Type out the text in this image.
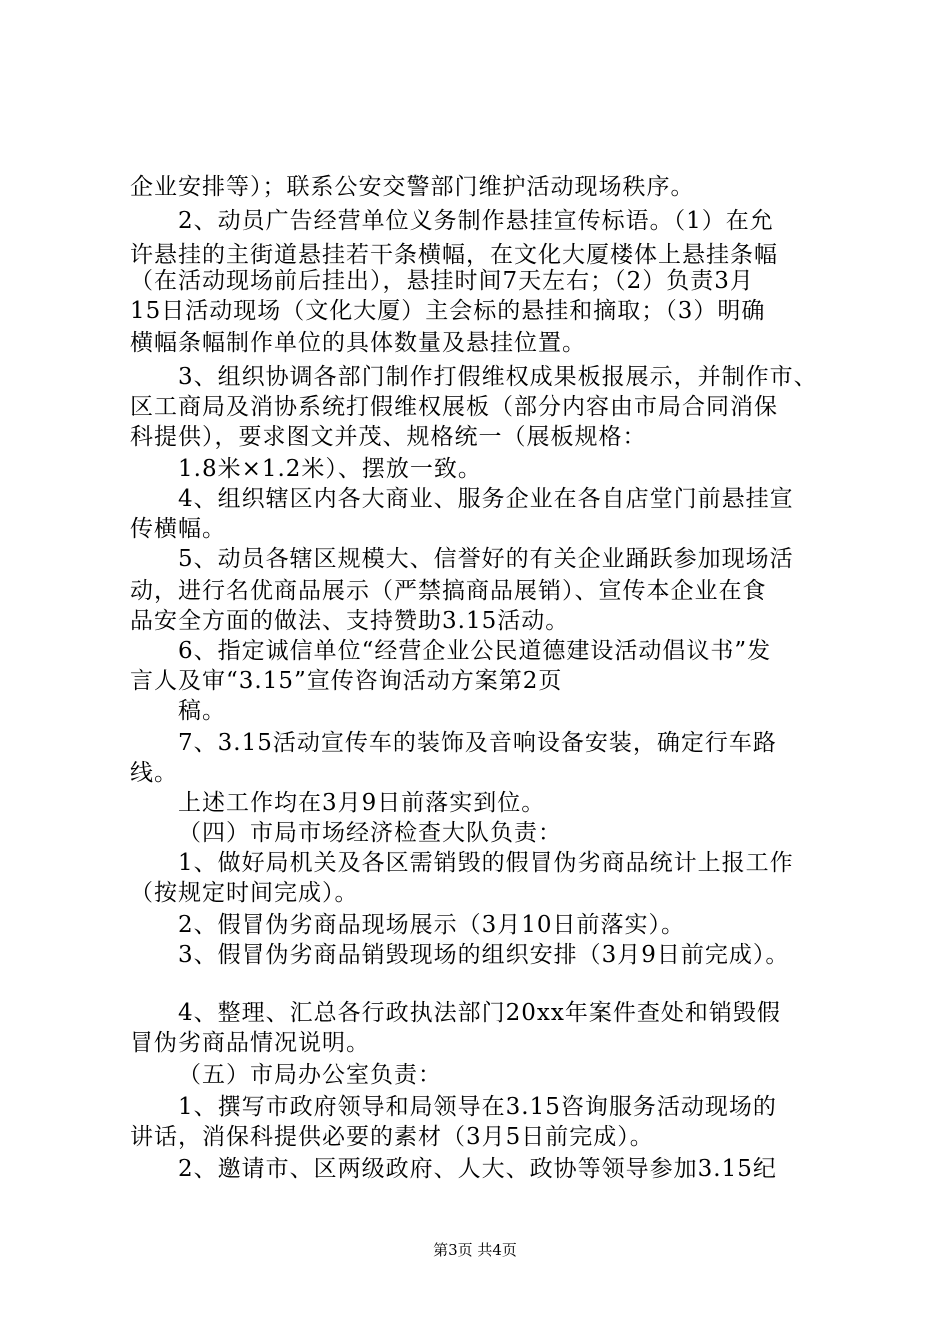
企业安排等）；联系公安交警部门维护活动现场秩序。
2、动员广告经营单位义务制作悬挂宣传标语。（1）在允
许悬挂的主街道悬挂若干条横幅，在文化大厦楼体上悬挂条幅
（在活动现场前后挂出），悬挂时间7天左右；（2）负责3月
15日活动现场（文化大厦）主会标的悬挂和摘取；（3）明确
横幅条幅制作单位的具体数量及悬挂位置。
3、组织协调各部门制作打假维权成果板报展示，并制作市、
区工商局及消协系统打假维权展板（部分内容由市局合同消保
科提供），要求图文并茂、规格统一（展板规格：
1.8米×1.2米）、摆放一致。
4、组织辖区内各大商业、服务企业在各自店堂门前悬挂宣
传横幅。
5、动员各辖区规模大、信誉好的有关企业踊跃参加现场活
动，进行名优商品展示（严禁搞商品展销）、宣传本企业在食
品安全方面的做法、支持赞助3.15活动。
6、指定诚信单位“经营企业公民道德建设活动倡议书”发
言人及审“3.15”宣传咨询活动方案第2页
稿。
7、3.15活动宣传车的装饰及音响设备安装，确定行车路
线。
上述工作均在3月9日前落实到位。
（四）市局市场经济检查大队负责：
1、做好局机关及各区需销毁的假冒伪劣商品统计上报工作
（按规定时间完成）。
2、假冒伪劣商品现场展示（3月10日前落实）。
3、假冒伪劣商品销毁现场的组织安排（3月9日前完成）。
4、整理、汇总各行政执法部门20xx年案件查处和销毁假
冒伪劣商品情况说明。
（五）市局办公室负责：
1、撰写市政府领导和局领导在3.15咨询服务活动现场的
讲话，消保科提供必要的素材（3月5日前完成）。
2、邀请市、区两级政府、人大、政协等领导参加3.15纪
第3页 共4页
